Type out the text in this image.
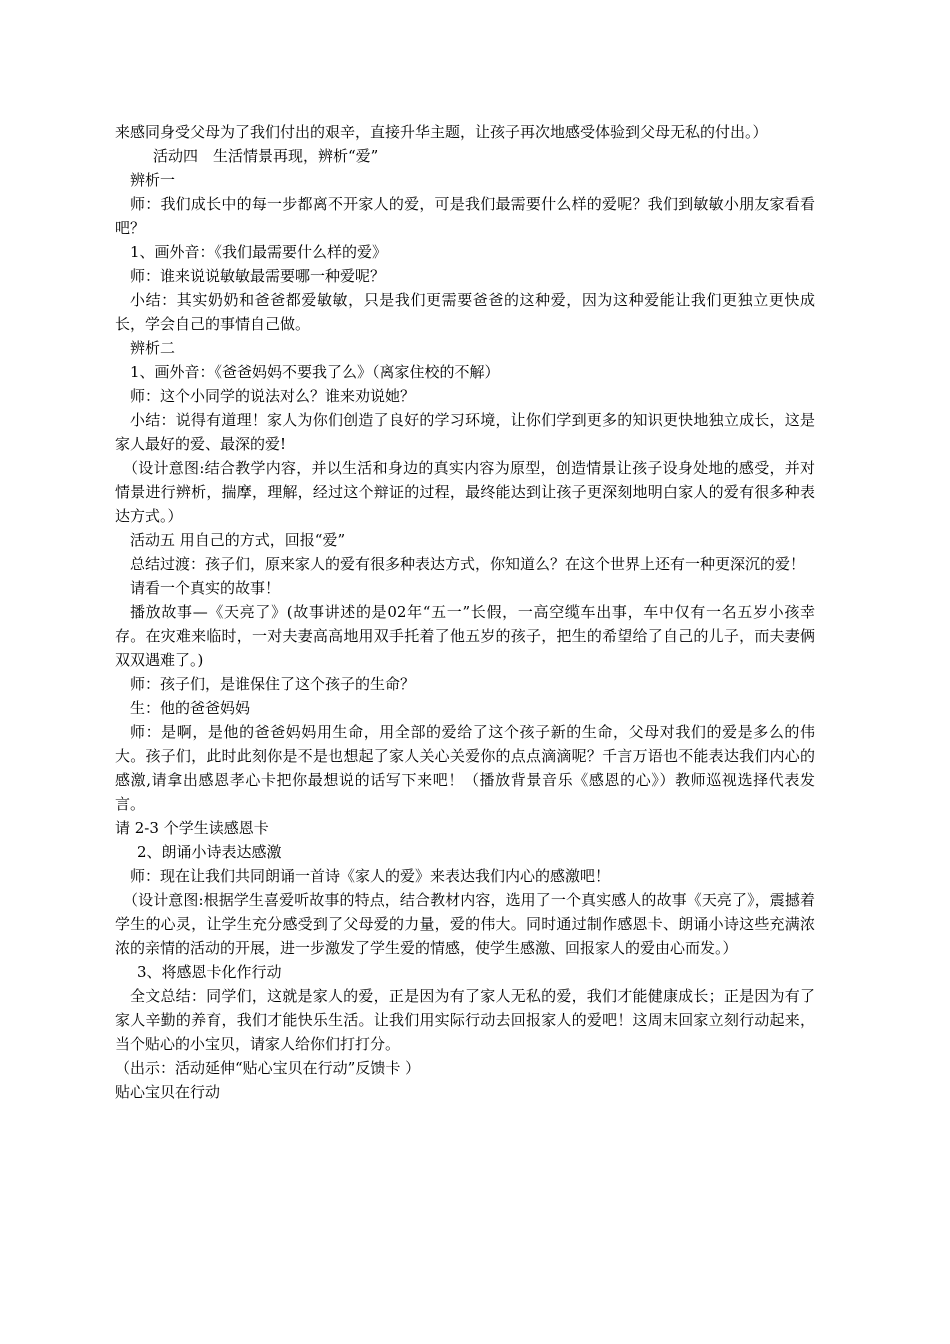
来感同身受父母为了我们付出的艰辛，直接升华主题，让孩子再次地感受体验到父母无私的付出。）

活动四　生活情景再现，辨析“爱”

辨析一

师：我们成长中的每一步都离不开家人的爱，可是我们最需要什么样的爱呢？我们到敏敏小朋友家看看吧？

1、画外音：《我们最需要什么样的爱》

师：谁来说说敏敏最需要哪一种爱呢？

小结：其实奶奶和爸爸都爱敏敏，只是我们更需要爸爸的这种爱，因为这种爱能让我们更独立更快成长，学会自己的事情自己做。

辨析二

1、画外音：《爸爸妈妈不要我了么》（离家住校的不解）

师：这个小同学的说法对么？谁来劝说她？

小结：说得有道理！家人为你们创造了良好的学习环境，让你们学到更多的知识更快地独立成长，这是家人最好的爱、最深的爱!

（设计意图:结合教学内容，并以生活和身边的真实内容为原型，创造情景让孩子设身处地的感受，并对情景进行辨析，揣摩，理解，经过这个辩证的过程，最终能达到让孩子更深刻地明白家人的爱有很多种表达方式。）

活动五 用自己的方式，回报“爱”

总结过渡：孩子们，原来家人的爱有很多种表达方式，你知道么？在这个世界上还有一种更深沉的爱！

请看一个真实的故事！

播放故事—《天亮了》(故事讲述的是02年“五一”长假，一高空缆车出事，车中仅有一名五岁小孩幸存。在灾难来临时，一对夫妻高高地用双手托着了他五岁的孩子，把生的希望给了自己的儿子，而夫妻俩双双遇难了。)

师：孩子们，是谁保住了这个孩子的生命？

生：他的爸爸妈妈

师：是啊，是他的爸爸妈妈用生命，用全部的爱给了这个孩子新的生命，父母对我们的爱是多么的伟大。孩子们，此时此刻你是不是也想起了家人关心关爱你的点点滴滴呢？千言万语也不能表达我们内心的感激,请拿出感恩孝心卡把你最想说的话写下来吧！（播放背景音乐《感恩的心》）教师巡视选择代表发言。

请 2-3 个学生读感恩卡

2、朗诵小诗表达感激

师：现在让我们共同朗诵一首诗《家人的爱》来表达我们内心的感激吧！

（设计意图:根据学生喜爱听故事的特点，结合教材内容，选用了一个真实感人的故事《天亮了》，震撼着学生的心灵，让学生充分感受到了父母爱的力量，爱的伟大。同时通过制作感恩卡、朗诵小诗这些充满浓浓的亲情的活动的开展，进一步激发了学生爱的情感，使学生感激、回报家人的爱由心而发。）

3、将感恩卡化作行动

全文总结：同学们，这就是家人的爱，正是因为有了家人无私的爱，我们才能健康成长；正是因为有了家人辛勤的养育，我们才能快乐生活。让我们用实际行动去回报家人的爱吧！这周末回家立刻行动起来，当个贴心的小宝贝，请家人给你们打打分。

（出示：活动延伸“贴心宝贝在行动”反馈卡 ）

贴心宝贝在行动
